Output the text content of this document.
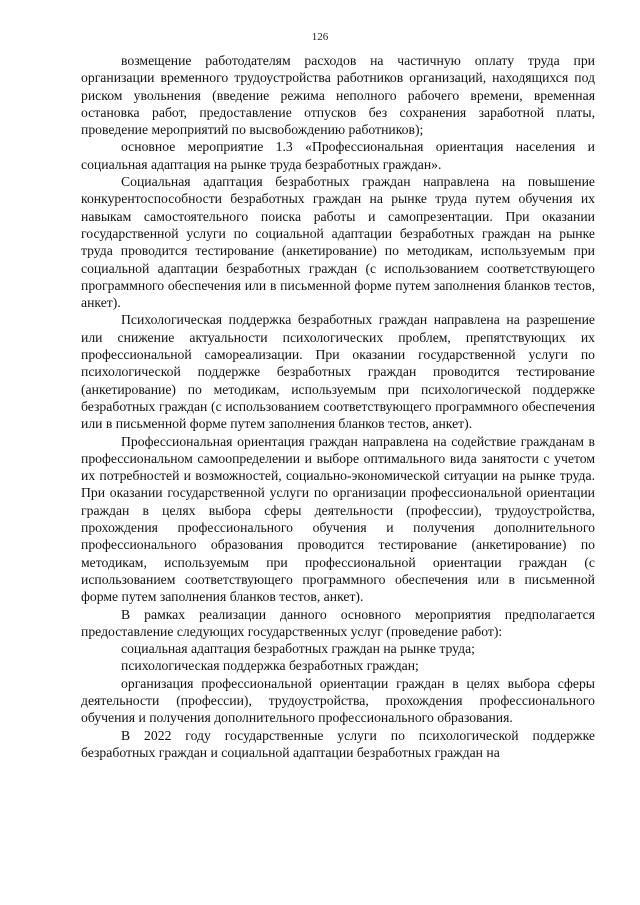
126

возмещение работодателям расходов на частичную оплату труда при организации временного трудоустройства работников организаций, находящихся под риском увольнения (введение режима неполного рабочего времени, временная остановка работ, предоставление отпусков без сохранения заработной платы, проведение мероприятий по высвобождению работников);

основное мероприятие 1.3 «Профессиональная ориентация населения и социальная адаптация на рынке труда безработных граждан».

Социальная адаптация безработных граждан направлена на повышение конкурентоспособности безработных граждан на рынке труда путем обучения их навыкам самостоятельного поиска работы и самопрезентации. При оказании государственной услуги по социальной адаптации безработных граждан на рынке труда проводится тестирование (анкетирование) по методикам, используемым при социальной адаптации безработных граждан (с использованием соответствующего программного обеспечения или в письменной форме путем заполнения бланков тестов, анкет).

Психологическая поддержка безработных граждан направлена на разрешение или снижение актуальности психологических проблем, препятствующих их профессиональной самореализации. При оказании государственной услуги по психологической поддержке безработных граждан проводится тестирование (анкетирование) по методикам, используемым при психологической поддержке безработных граждан (с использованием соответствующего программного обеспечения или в письменной форме путем заполнения бланков тестов, анкет).

Профессиональная ориентация граждан направлена на содействие гражданам в профессиональном самоопределении и выборе оптимального вида занятости с учетом их потребностей и возможностей, социально-экономической ситуации на рынке труда. При оказании государственной услуги по организации профессиональной ориентации граждан в целях выбора сферы деятельности (профессии), трудоустройства, прохождения профессионального обучения и получения дополнительного профессионального образования проводится тестирование (анкетирование) по методикам, используемым при профессиональной ориентации граждан (с использованием соответствующего программного обеспечения или в письменной форме путем заполнения бланков тестов, анкет).

В рамках реализации данного основного мероприятия предполагается предоставление следующих государственных услуг (проведение работ):

социальная адаптация безработных граждан на рынке труда;

психологическая поддержка безработных граждан;

организация профессиональной ориентации граждан в целях выбора сферы деятельности (профессии), трудоустройства, прохождения профессионального обучения и получения дополнительного профессионального образования.

В 2022 году государственные услуги по психологической поддержке безработных граждан и социальной адаптации безработных граждан на
